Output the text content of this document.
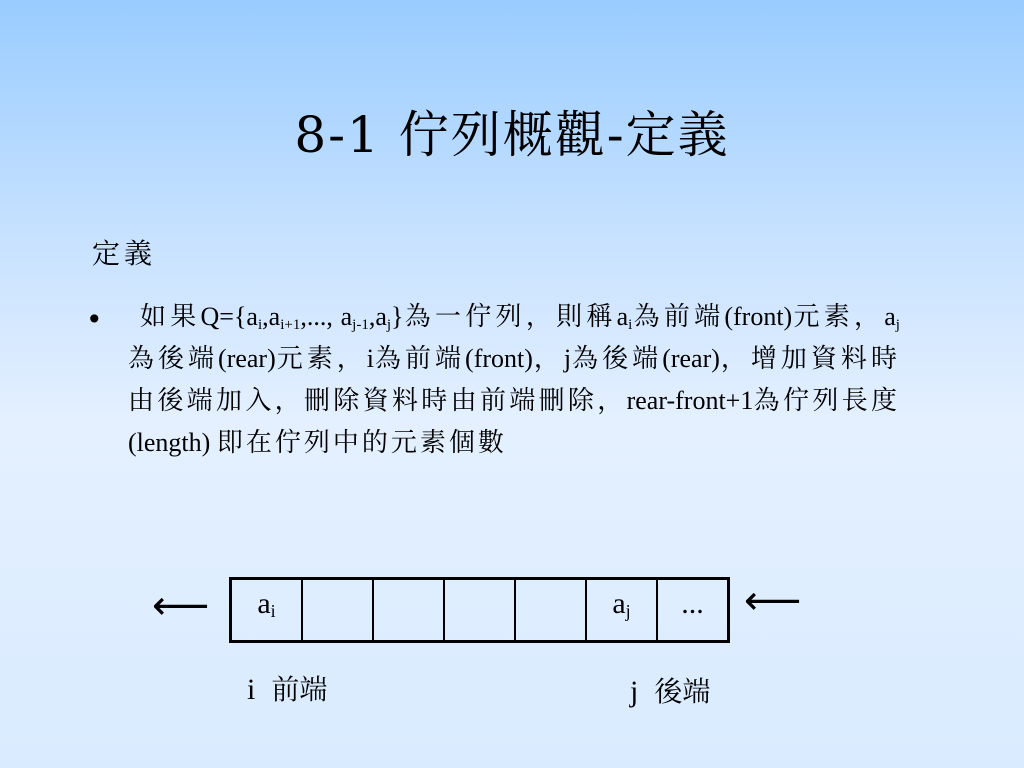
8-1 佇列概觀-定義
定義
•	如果$Q=\{a_i,a_{i+1}$,..., $a_{j-1},a_j$}為一佇列，則稱$a_i$為前端(front)元素，$a_j$為後端(rear)元素，i為前端(front)，j為後端(rear)，增加資料時由後端加入，刪除資料時由前端刪除，rear-front+1為佇列長度(length) 即在佇列中的元素個數
⟵ $a_i$					$a_j$	... ⟵
i 前端	j 後端
